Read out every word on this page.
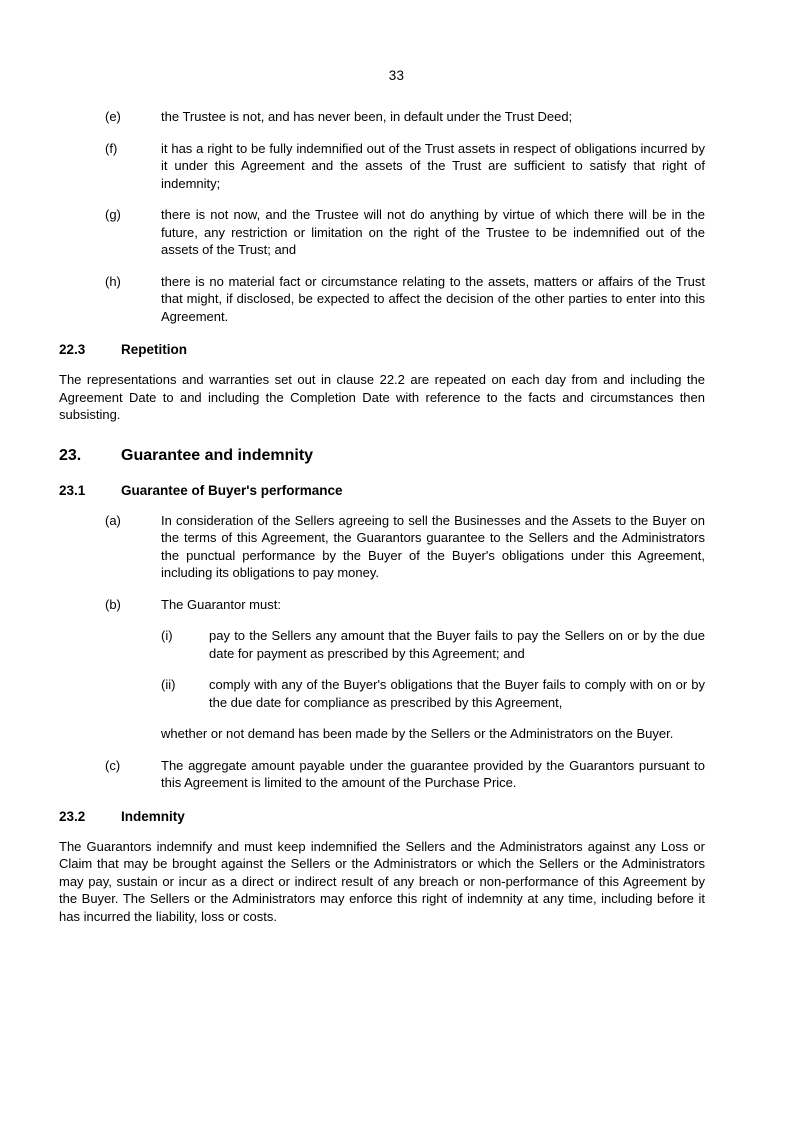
33
(e)	the Trustee is not, and has never been, in default under the Trust Deed;
(f)	it has a right to be fully indemnified out of the Trust assets in respect of obligations incurred by it under this Agreement and the assets of the Trust are sufficient to satisfy that right of indemnity;
(g)	there is not now, and the Trustee will not do anything by virtue of which there will be in the future, any restriction or limitation on the right of the Trustee to be indemnified out of the assets of the Trust; and
(h)	there is no material fact or circumstance relating to the assets, matters or affairs of the Trust that might, if disclosed, be expected to affect the decision of the other parties to enter into this Agreement.
22.3	Repetition
The representations and warranties set out in clause 22.2 are repeated on each day from and including the Agreement Date to and including the Completion Date with reference to the facts and circumstances then subsisting.
23.	Guarantee and indemnity
23.1	Guarantee of Buyer's performance
(a)	In consideration of the Sellers agreeing to sell the Businesses and the Assets to the Buyer on the terms of this Agreement, the Guarantors guarantee to the Sellers and the Administrators the punctual performance by the Buyer of the Buyer's obligations under this Agreement, including its obligations to pay money.
(b)	The Guarantor must:
(i)	pay to the Sellers any amount that the Buyer fails to pay the Sellers on or by the due date for payment as prescribed by this Agreement; and
(ii)	comply with any of the Buyer's obligations that the Buyer fails to comply with on or by the due date for compliance as prescribed by this Agreement,
whether or not demand has been made by the Sellers or the Administrators on the Buyer.
(c)	The aggregate amount payable under the guarantee provided by the Guarantors pursuant to this Agreement is limited to the amount of the Purchase Price.
23.2	Indemnity
The Guarantors indemnify and must keep indemnified the Sellers and the Administrators against any Loss or Claim that may be brought against the Sellers or the Administrators or which the Sellers or the Administrators may pay, sustain or incur as a direct or indirect result of any breach or non-performance of this Agreement by the Buyer. The Sellers or the Administrators may enforce this right of indemnity at any time, including before it has incurred the liability, loss or costs.
